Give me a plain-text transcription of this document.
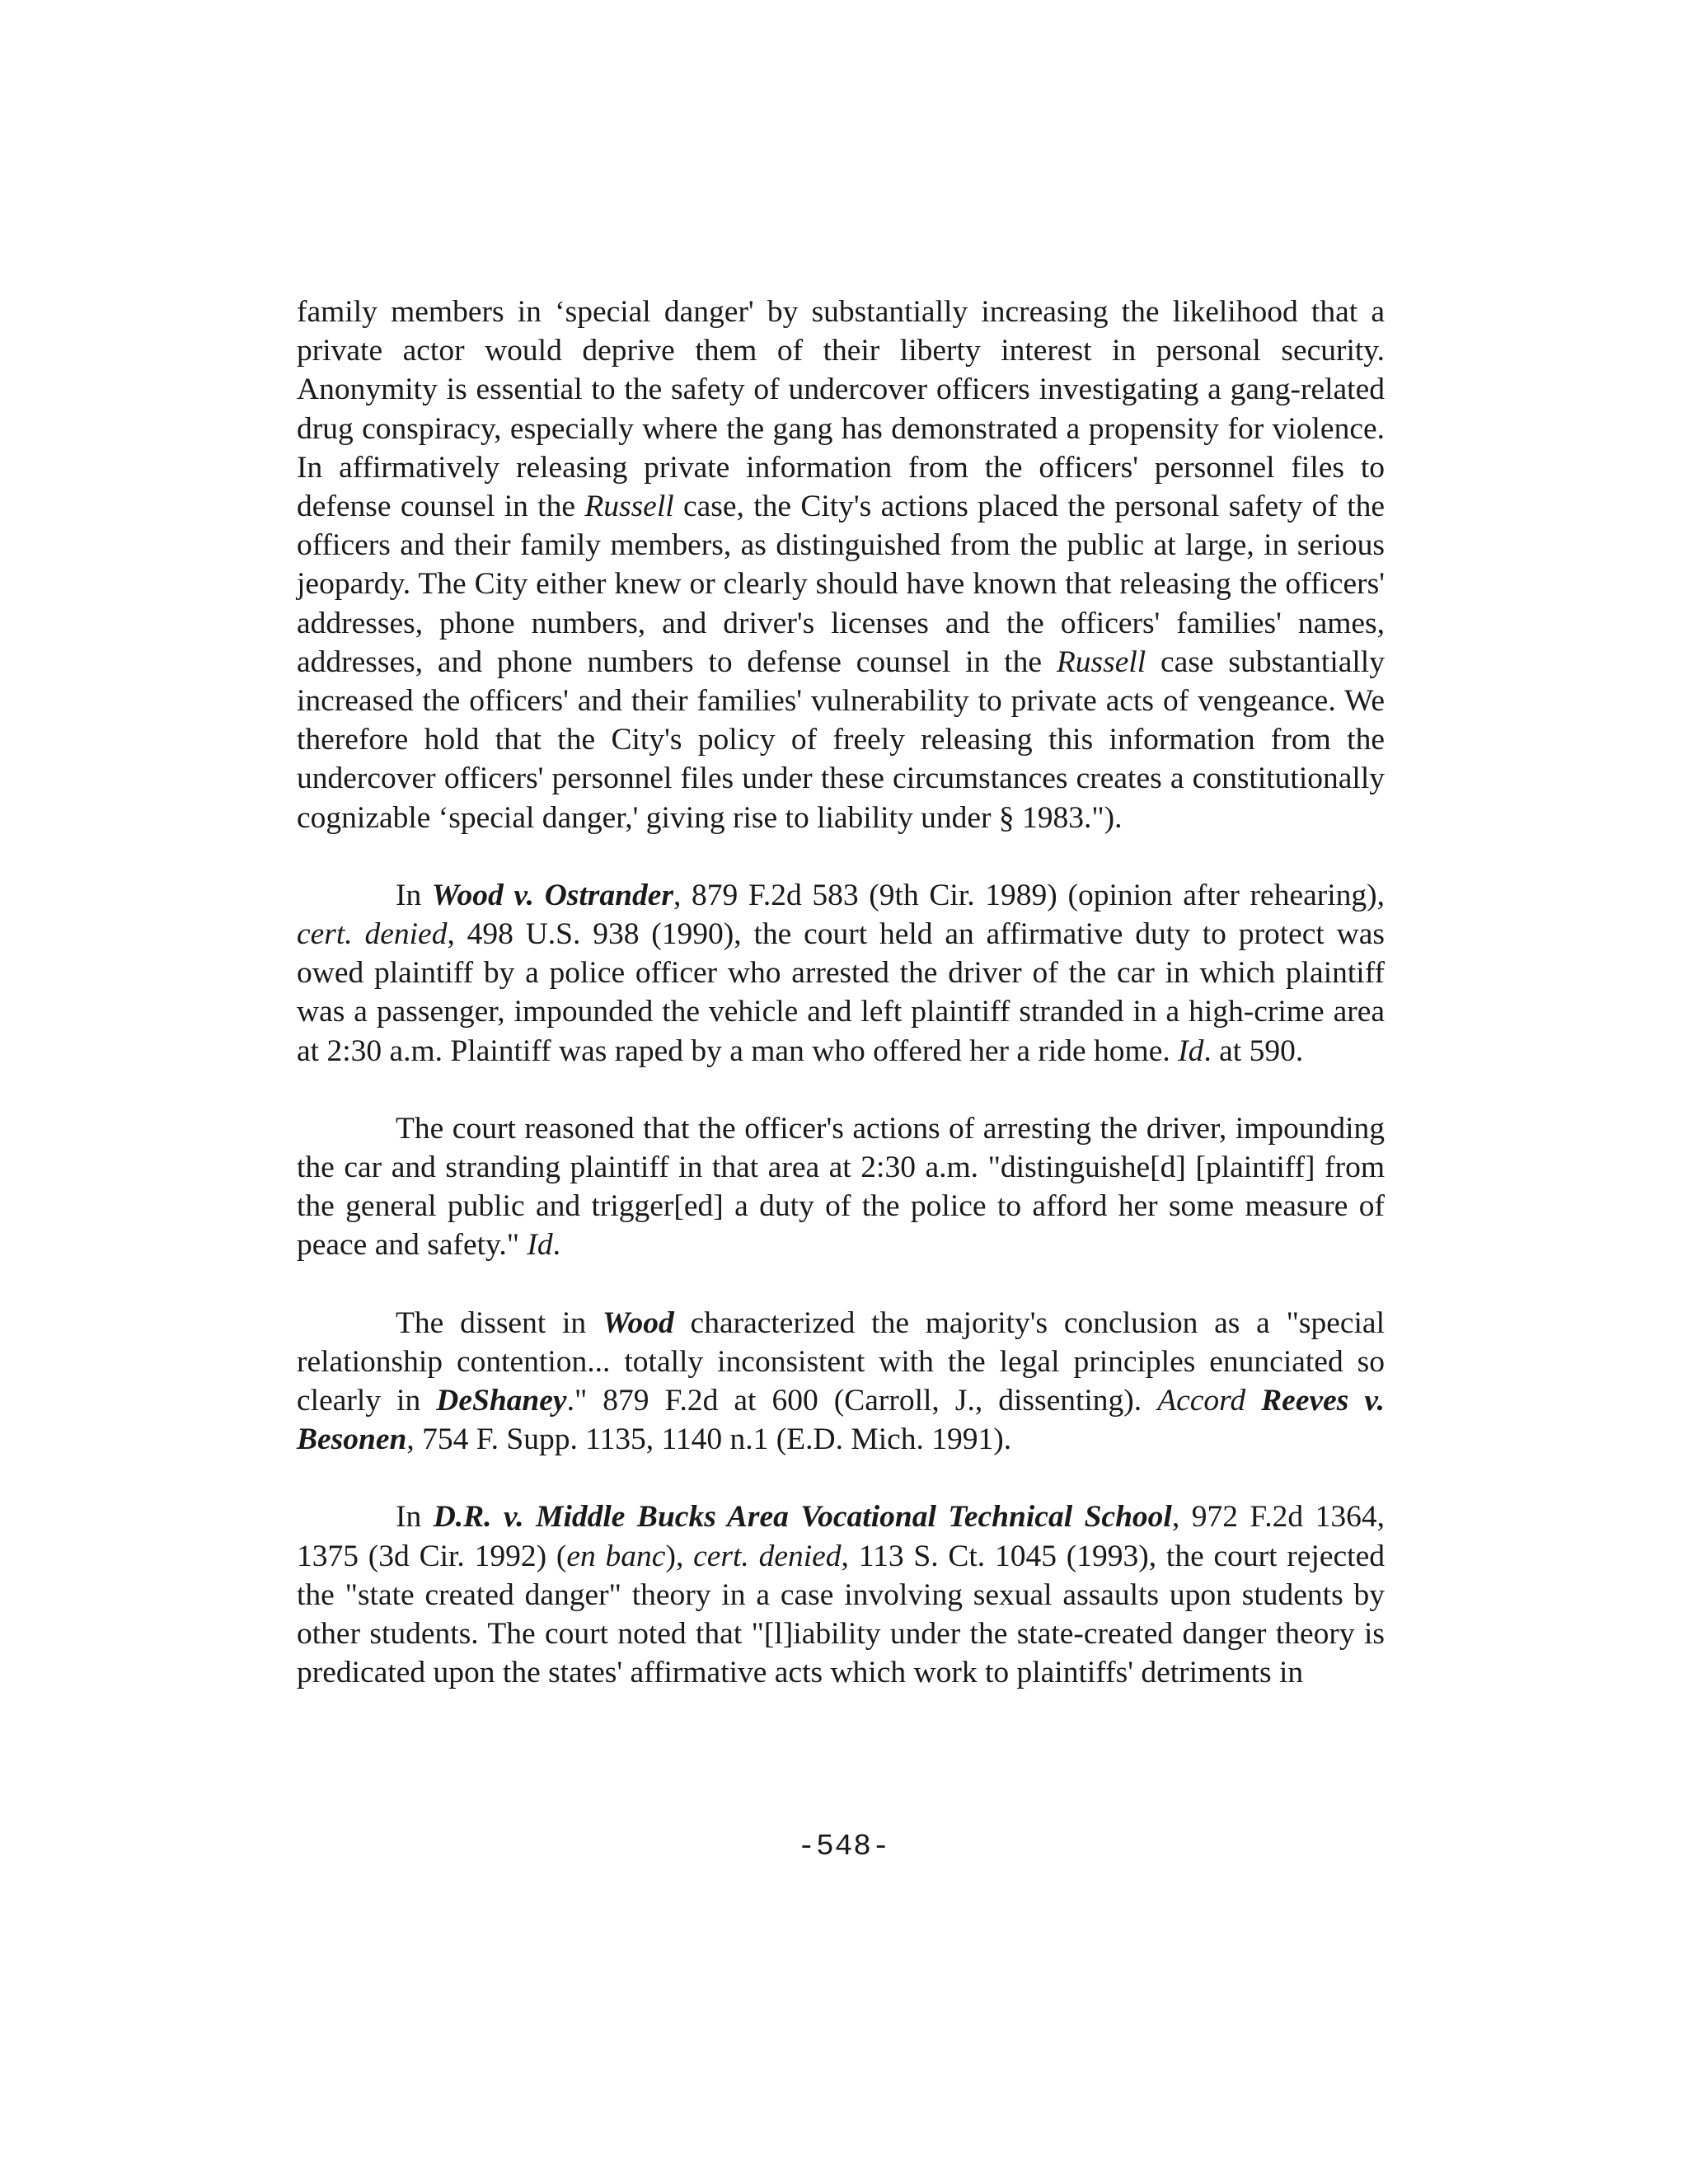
family members in ‘special danger' by substantially increasing the likelihood that a private actor would deprive them of their liberty interest in personal security. Anonymity is essential to the safety of undercover officers investigating a gang-related drug conspiracy, especially where the gang has demonstrated a propensity for violence. In affirmatively releasing private information from the officers' personnel files to defense counsel in the Russell case, the City's actions placed the personal safety of the officers and their family members, as distinguished from the public at large, in serious jeopardy. The City either knew or clearly should have known that releasing the officers' addresses, phone numbers, and driver's licenses and the officers' families' names, addresses, and phone numbers to defense counsel in the Russell case substantially increased the officers' and their families' vulnerability to private acts of vengeance. We therefore hold that the City's policy of freely releasing this information from the undercover officers' personnel files under these circumstances creates a constitutionally cognizable ‘special danger,' giving rise to liability under § 1983.").

In Wood v. Ostrander, 879 F.2d 583 (9th Cir. 1989) (opinion after rehearing), cert. denied, 498 U.S. 938 (1990), the court held an affirmative duty to protect was owed plaintiff by a police officer who arrested the driver of the car in which plaintiff was a passenger, impounded the vehicle and left plaintiff stranded in a high-crime area at 2:30 a.m. Plaintiff was raped by a man who offered her a ride home. Id. at 590.

The court reasoned that the officer's actions of arresting the driver, impounding the car and stranding plaintiff in that area at 2:30 a.m. "distinguishe[d] [plaintiff] from the general public and trigger[ed] a duty of the police to afford her some measure of peace and safety." Id.

The dissent in Wood characterized the majority's conclusion as a "special relationship contention... totally inconsistent with the legal principles enunciated so clearly in DeShaney." 879 F.2d at 600 (Carroll, J., dissenting). Accord Reeves v. Besonen, 754 F. Supp. 1135, 1140 n.1 (E.D. Mich. 1991).

In D.R. v. Middle Bucks Area Vocational Technical School, 972 F.2d 1364, 1375 (3d Cir. 1992) (en banc), cert. denied, 113 S. Ct. 1045 (1993), the court rejected the "state created danger" theory in a case involving sexual assaults upon students by other students. The court noted that "[l]iability under the state-created danger theory is predicated upon the states' affirmative acts which work to plaintiffs' detriments in

-548-
